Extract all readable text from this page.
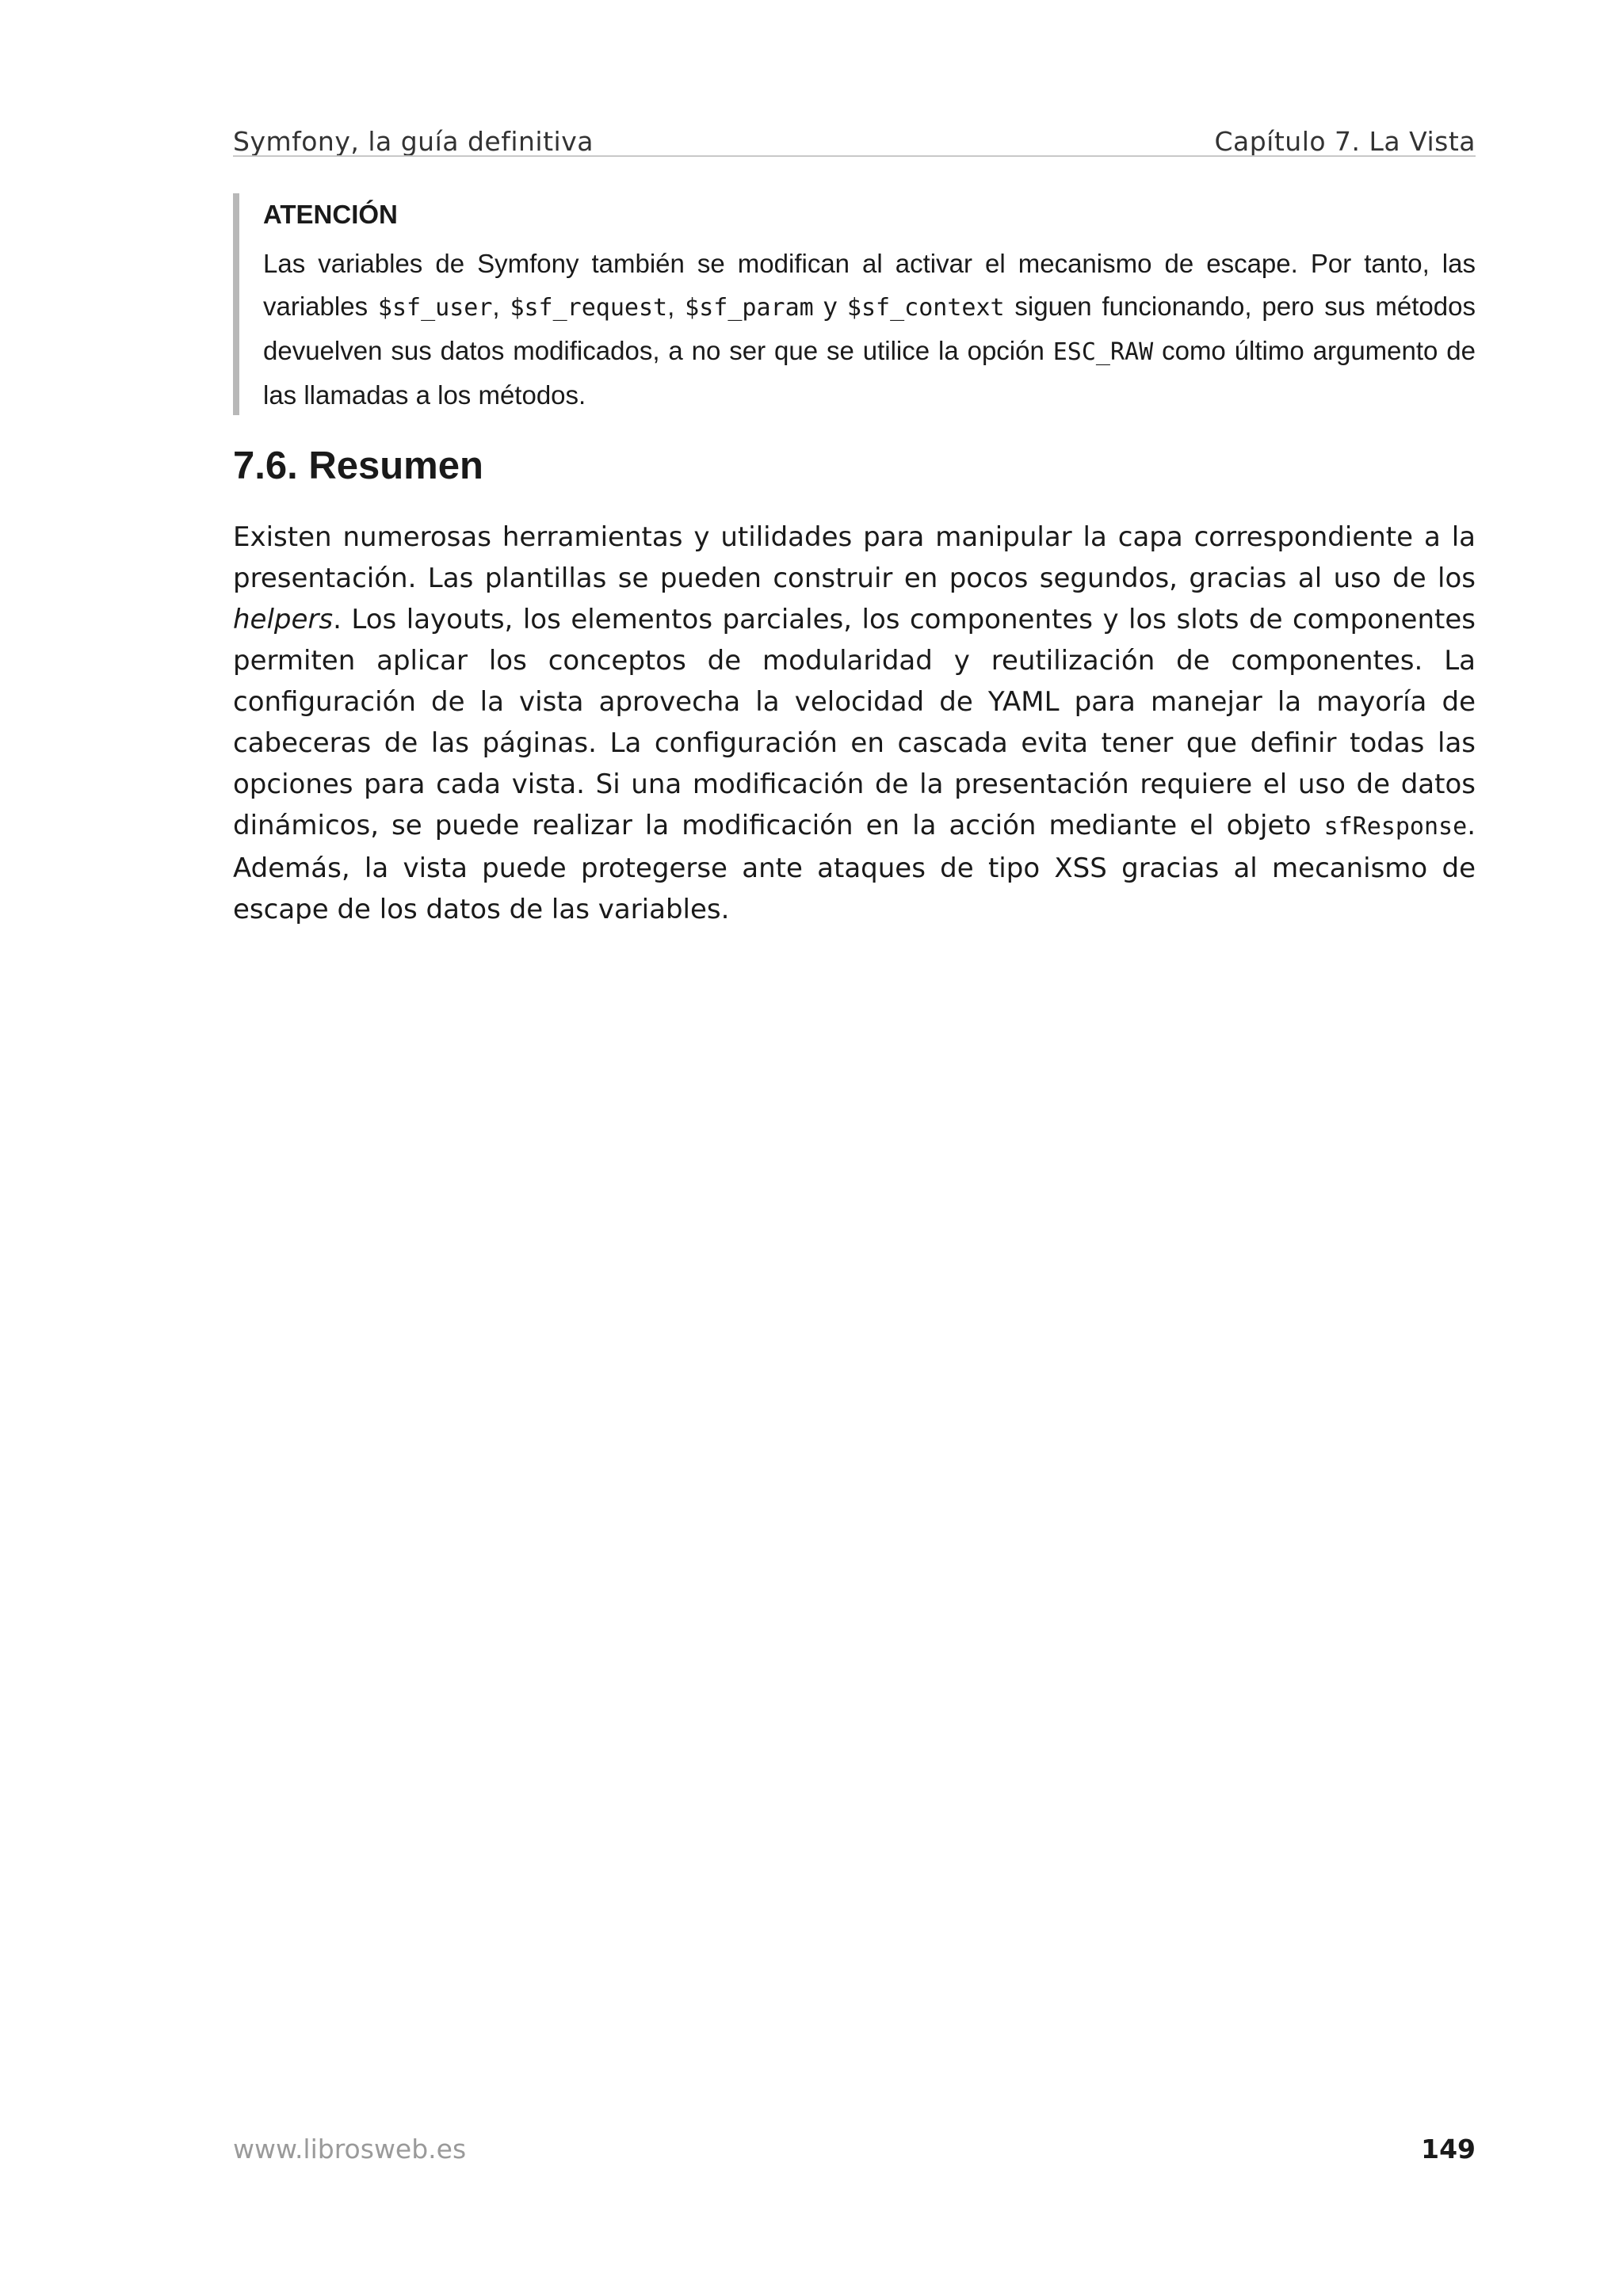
Symfony, la guía definitiva	Capítulo 7. La Vista
ATENCIÓN
Las variables de Symfony también se modifican al activar el mecanismo de escape. Por tanto, las variables $sf_user, $sf_request, $sf_param y $sf_context siguen funcionando, pero sus métodos devuelven sus datos modificados, a no ser que se utilice la opción ESC_RAW como último argumento de las llamadas a los métodos.
7.6. Resumen

Existen numerosas herramientas y utilidades para manipular la capa correspondiente a la presentación. Las plantillas se pueden construir en pocos segundos, gracias al uso de los helpers. Los layouts, los elementos parciales, los componentes y los slots de componentes permiten aplicar los conceptos de modularidad y reutilización de componentes. La configuración de la vista aprovecha la velocidad de YAML para manejar la mayoría de cabeceras de las páginas. La configuración en cascada evita tener que definir todas las opciones para cada vista. Si una modificación de la presentación requiere el uso de datos dinámicos, se puede realizar la modificación en la acción mediante el objeto sfResponse. Además, la vista puede protegerse ante ataques de tipo XSS gracias al mecanismo de escape de los datos de las variables.

www.librosweb.es	149
